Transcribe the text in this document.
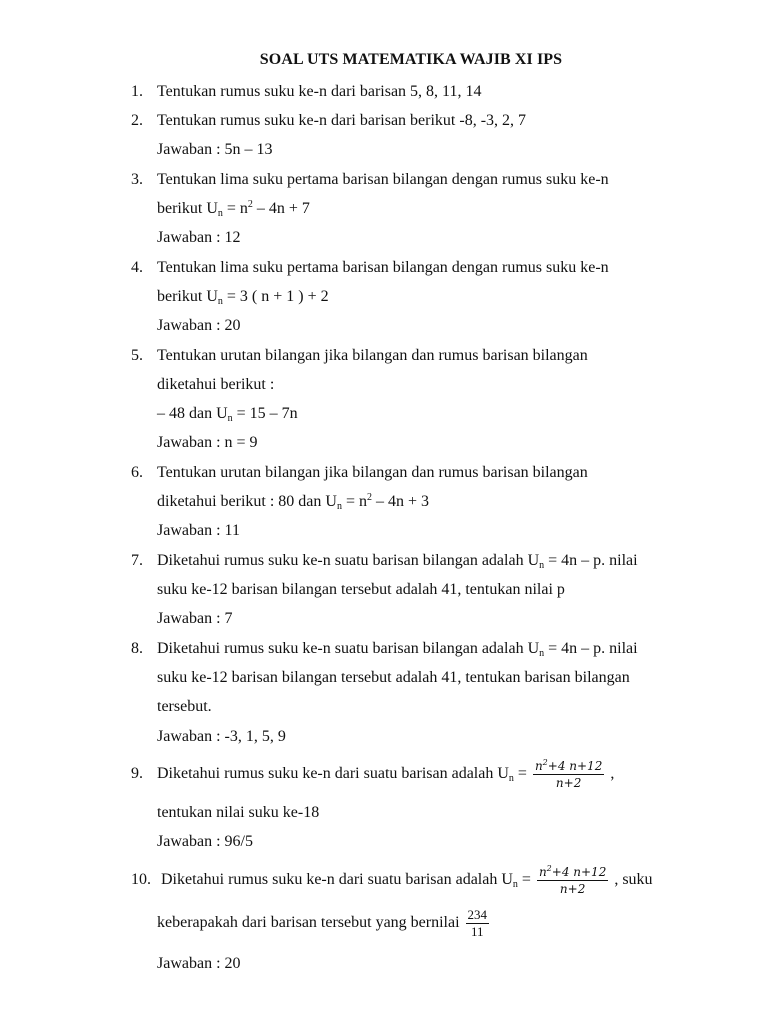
SOAL UTS MATEMATIKA WAJIB XI IPS
1. Tentukan rumus suku ke-n dari barisan 5, 8, 11, 14
2. Tentukan rumus suku ke-n dari barisan berikut -8, -3, 2, 7
Jawaban : 5n – 13
3. Tentukan lima suku pertama barisan bilangan dengan rumus suku ke-n
berikut $U_n = n^2 - 4n + 7$
Jawaban : 12
4. Tentukan lima suku pertama barisan bilangan dengan rumus suku ke-n
berikut $U_n = 3$ ( n + 1 ) + 2
Jawaban : 20
5. Tentukan urutan bilangan jika bilangan dan rumus barisan bilangan
diketahui berikut :
– 48 dan $U_n = 15 - 7n$
Jawaban : n = 9
6. Tentukan urutan bilangan jika bilangan dan rumus barisan bilangan
diketahui berikut : 80 dan $U_n = n^2 - 4n + 3$
Jawaban : 11
7. Diketahui rumus suku ke-n suatu barisan bilangan adalah $U_n = 4n - p$. nilai
suku ke-12 barisan bilangan tersebut adalah 41, tentukan nilai p
Jawaban : 7
8. Diketahui rumus suku ke-n suatu barisan bilangan adalah $U_n = 4n - p$. nilai
suku ke-12 barisan bilangan tersebut adalah 41, tentukan barisan bilangan
tersebut.
Jawaban : -3, 1, 5, 9
9. Diketahui rumus suku ke-n dari suatu barisan adalah $U_n = \frac{n^2+4 n+12}{n+2}$ ,
tentukan nilai suku ke-18
Jawaban : 96/5
10. Diketahui rumus suku ke-n dari suatu barisan adalah $U_n = \frac{n^2+4 n+12}{n+2}$ , suku
keberapakah dari barisan tersebut yang bernilai $\frac{234}{11}$
Jawaban : 20
